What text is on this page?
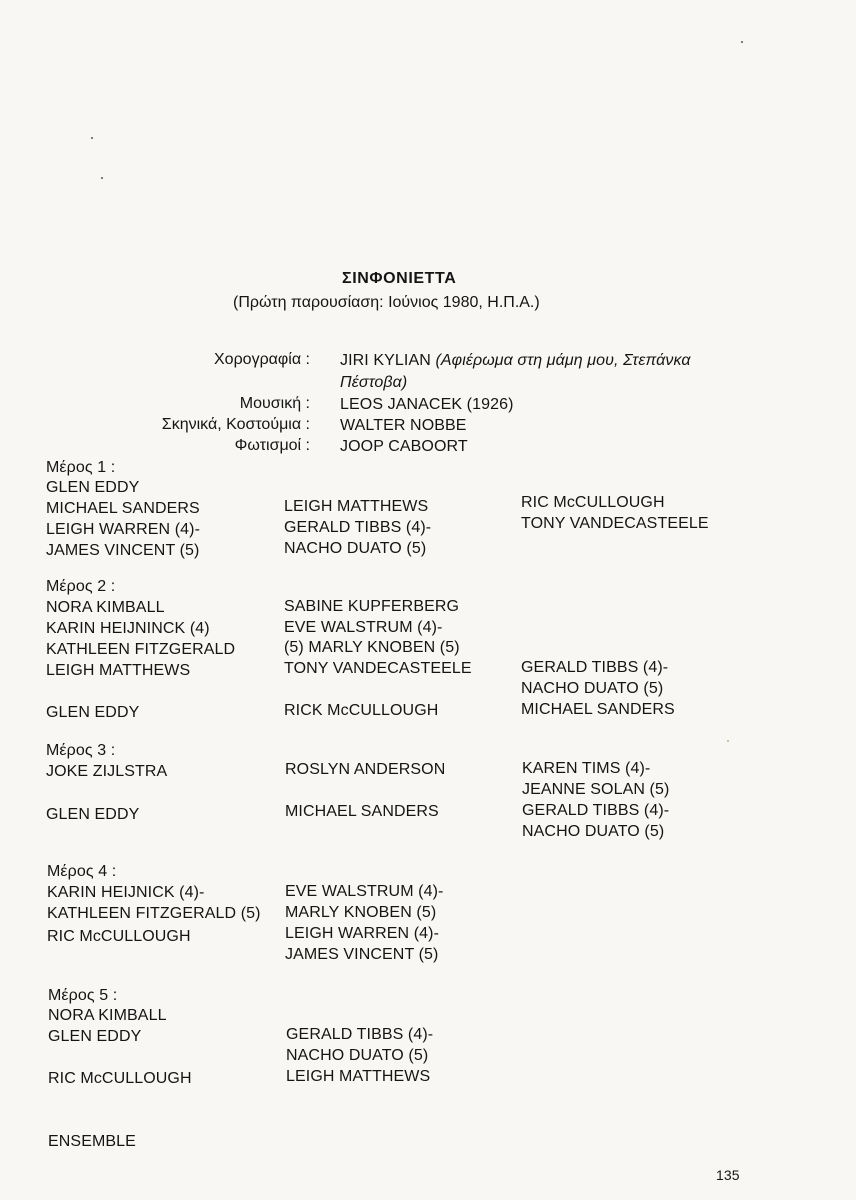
ΣΙΝΦΟΝΙΕΤΤΑ
(Πρώτη παρουσίαση: Ιούνιος 1980, Η.Π.Α.)
Χορογραφία : JIRI KYLIAN (Αφιέρωμα στη μάμη μου, Στεπάνκα
Πέστοβα)
Μουσική : LEOS JANACEK (1926)
Σκηνικά, Κοστούμια : WALTER NOBBE
Φωτισμοί : JOOP CABOORT
Μέρος 1 :
GLEN EDDY
MICHAEL SANDERS
LEIGH WARREN (4)-
JAMES VINCENT (5)
LEIGH MATTHEWS
GERALD TIBBS (4)-
NACHO DUATO (5)
RIC McCULLOUGH
TONY VANDECASTEELE
Μέρος 2 :
NORA KIMBALL
KARIN HEIJNINCK (4)
KATHLEEN FITZGERALD
LEIGH MATTHEWS
GLEN EDDY
SABINE KUPFERBERG
EVE WALSTRUM (4)-
(5) MARLY KNOBEN (5)
TONY VANDECASTEELE
RICK McCULLOUGH
GERALD TIBBS (4)-
NACHO DUATO (5)
MICHAEL SANDERS
Μέρος 3 :
JOKE ZIJLSTRA
GLEN EDDY
ROSLYN ANDERSON
MICHAEL SANDERS
KAREN TIMS (4)-
JEANNE SOLAN (5)
GERALD TIBBS (4)-
NACHO DUATO (5)
Μέρος 4 :
KARIN HEIJNICK (4)-
KATHLEEN FITZGERALD (5)
RIC McCULLOUGH
EVE WALSTRUM (4)-
MARLY KNOBEN (5)
LEIGH WARREN (4)-
JAMES VINCENT (5)
Μέρος 5 :
NORA KIMBALL
GLEN EDDY
RIC McCULLOUGH
GERALD TIBBS (4)-
NACHO DUATO (5)
LEIGH MATTHEWS
ENSEMBLE
135
